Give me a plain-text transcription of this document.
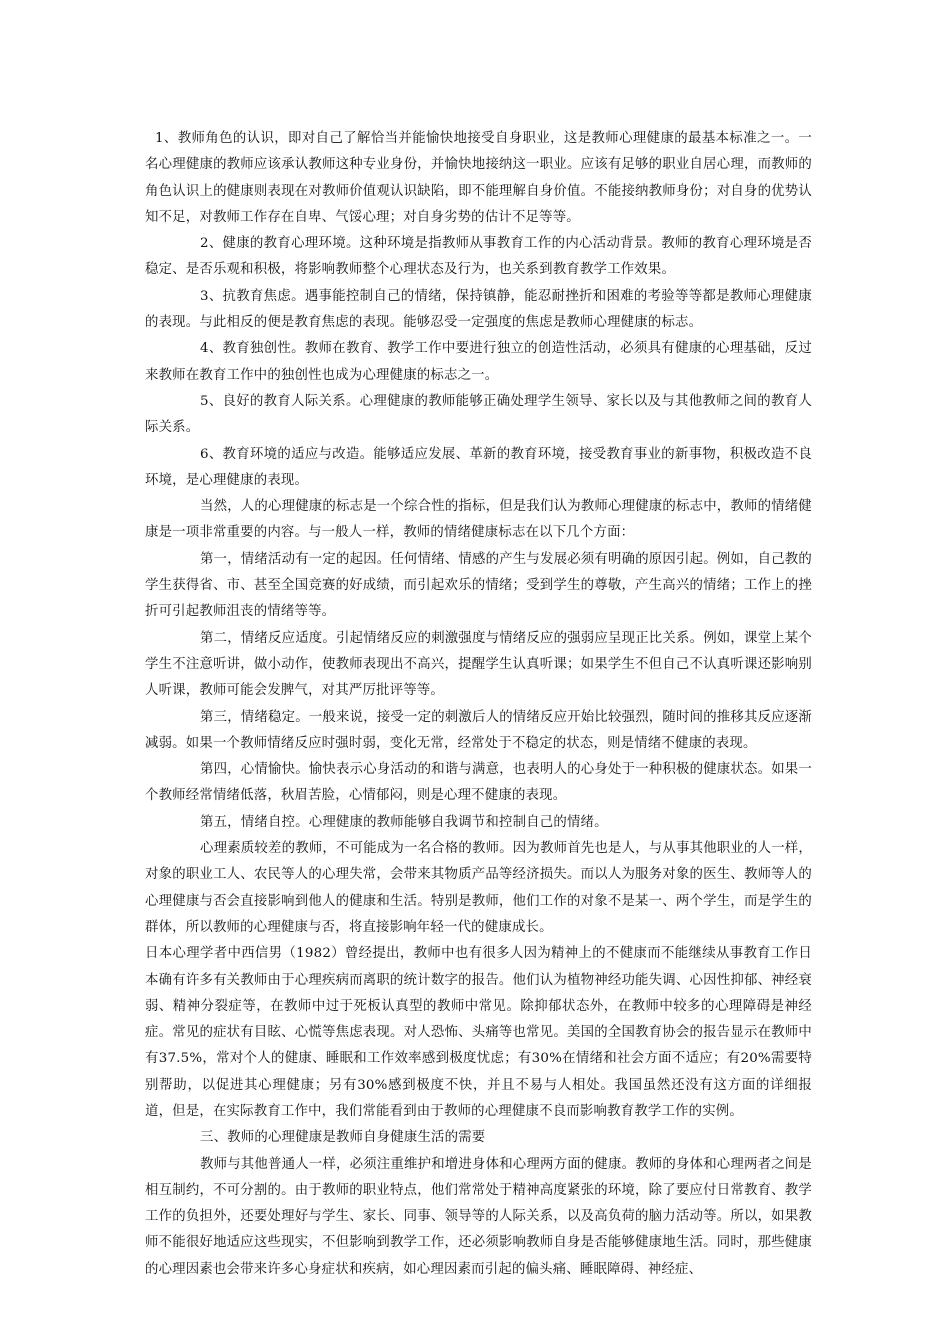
1、教师角色的认识，即对自己了解恰当并能愉快地接受自身职业，这是教师心理健康的最基本标准之一。一名心理健康的教师应该承认教师这种专业身份，并愉快地接纳这一职业。应该有足够的职业自居心理，而教师的角色认识上的健康则表现在对教师价值观认识缺陷，即不能理解自身价值。不能接纳教师身份；对自身的优势认知不足，对教师工作存在自卑、气馁心理；对自身劣势的估计不足等等。

2、健康的教育心理环境。这种环境是指教师从事教育工作的内心活动背景。教师的教育心理环境是否稳定、是否乐观和积极，将影响教师整个心理状态及行为，也关系到教育教学工作效果。

3、抗教育焦虑。遇事能控制自己的情绪，保持镇静，能忍耐挫折和困难的考验等等都是教师心理健康的表现。与此相反的便是教育焦虑的表现。能够忍受一定强度的焦虑是教师心理健康的标志。

4、教育独创性。教师在教育、教学工作中要进行独立的创造性活动，必须具有健康的心理基础，反过来教师在教育工作中的独创性也成为心理健康的标志之一。

5、良好的教育人际关系。心理健康的教师能够正确处理学生领导、家长以及与其他教师之间的教育人际关系。

6、教育环境的适应与改造。能够适应发展、革新的教育环境，接受教育事业的新事物，积极改造不良环境，是心理健康的表现。

当然，人的心理健康的标志是一个综合性的指标，但是我们认为教师心理健康的标志中，教师的情绪健康是一项非常重要的内容。与一般人一样，教师的情绪健康标志在以下几个方面：

第一，情绪活动有一定的起因。任何情绪、情感的产生与发展必须有明确的原因引起。例如，自己教的学生获得省、市、甚至全国竞赛的好成绩，而引起欢乐的情绪；受到学生的尊敬，产生高兴的情绪；工作上的挫折可引起教师沮丧的情绪等等。

第二，情绪反应适度。引起情绪反应的刺激强度与情绪反应的强弱应呈现正比关系。例如，课堂上某个学生不注意听讲，做小动作，使教师表现出不高兴，提醒学生认真听课；如果学生不但自己不认真听课还影响别人听课，教师可能会发脾气，对其严厉批评等等。

第三，情绪稳定。一般来说，接受一定的刺激后人的情绪反应开始比较强烈，随时间的推移其反应逐渐减弱。如果一个教师情绪反应时强时弱，变化无常，经常处于不稳定的状态，则是情绪不健康的表现。

第四，心情愉快。愉快表示心身活动的和谐与满意，也表明人的心身处于一种积极的健康状态。如果一个教师经常情绪低落，秋眉苦脸，心情郁闷，则是心理不健康的表现。

第五，情绪自控。心理健康的教师能够自我调节和控制自己的情绪。

心理素质较差的教师，不可能成为一名合格的教师。因为教师首先也是人，与从事其他职业的人一样，对象的职业工人、农民等人的心理失常，会带来其物质产品等经济损失。而以人为服务对象的医生、教师等人的心理健康与否会直接影响到他人的健康和生活。特别是教师，他们工作的对象不是某一、两个学生，而是学生的群体，所以教师的心理健康与否，将直接影响年轻一代的健康成长。

日本心理学者中西信男（1982）曾经提出，教师中也有很多人因为精神上的不健康而不能继续从事教育工作日本确有许多有关教师由于心理疾病而离职的统计数字的报告。他们认为植物神经功能失调、心因性抑郁、神经衰弱、精神分裂症等，在教师中过于死板认真型的教师中常见。除抑郁状态外，在教师中较多的心理障碍是神经症。常见的症状有目眩、心慌等焦虑表现。对人恐怖、头痛等也常见。美国的全国教育协会的报告显示在教师中有37.5%，常对个人的健康、睡眠和工作效率感到极度忧虑；有30%在情绪和社会方面不适应；有20%需要特别帮助，以促进其心理健康；另有30%感到极度不快，并且不易与人相处。我国虽然还没有这方面的详细报道，但是，在实际教育工作中，我们常能看到由于教师的心理健康不良而影响教育教学工作的实例。

三、教师的心理健康是教师自身健康生活的需要

教师与其他普通人一样，必须注重维护和增进身体和心理两方面的健康。教师的身体和心理两者之间是相互制约，不可分割的。由于教师的职业特点，他们常常处于精神高度紧张的环境，除了要应付日常教育、教学工作的负担外，还要处理好与学生、家长、同事、领导等的人际关系，以及高负荷的脑力活动等。所以，如果教师不能很好地适应这些现实，不但影响到教学工作，还必须影响教师自身是否能够健康地生活。同时，那些健康的心理因素也会带来许多心身症状和疾病，如心理因素而引起的偏头痛、睡眠障碍、神经症、
